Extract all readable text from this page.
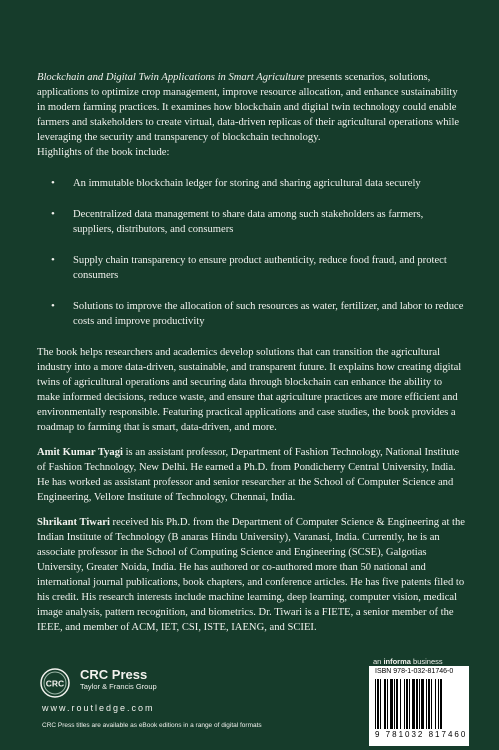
Blockchain and Digital Twin Applications in Smart Agriculture presents scenarios, solutions, applications to optimize crop management, improve resource allocation, and enhance sustainability in modern farming practices. It examines how blockchain and digital twin technology could enable farmers and stakeholders to create virtual, data-driven replicas of their agricultural operations while leveraging the security and transparency of blockchain technology.

Highlights of the book include:

• An immutable blockchain ledger for storing and sharing agricultural data securely
• Decentralized data management to share data among such stakeholders as farmers, suppliers, distributors, and consumers
• Supply chain transparency to ensure product authenticity, reduce food fraud, and protect consumers
• Solutions to improve the allocation of such resources as water, fertilizer, and labor to reduce costs and improve productivity

The book helps researchers and academics develop solutions that can transition the agricultural industry into a more data-driven, sustainable, and transparent future. It explains how creating digital twins of agricultural operations and securing data through blockchain can enhance the ability to make informed decisions, reduce waste, and ensure that agriculture practices are more efficient and environmentally responsible. Featuring practical applications and case studies, the book provides a roadmap to farming that is smart, data-driven, and more.

Amit Kumar Tyagi is an assistant professor, Department of Fashion Technology, National Institute of Fashion Technology, New Delhi. He earned a Ph.D. from Pondicherry Central University, India. He has worked as assistant professor and senior researcher at the School of Computer Science and Engineering, Vellore Institute of Technology, Chennai, India.

Shrikant Tiwari received his Ph.D. from the Department of Computer Science & Engineering at the Indian Institute of Technology (B anaras Hindu University), Varanasi, India. Currently, he is an associate professor in the School of Computing Science and Engineering (SCSE), Galgotias University, Greater Noida, India. He has authored or co-authored more than 50 national and international journal publications, book chapters, and conference articles. He has five patents filed to his credit. His research interests include machine learning, deep learning, computer vision, medical image analysis, pattern recognition, and biometrics. Dr. Tiwari is a FIETE, a senior member of the IEEE, and member of ACM, IET, CSI, ISTE, IAENG, and SCIEI.

CRC
CRC Press
Taylor & Francis Group
www.routledge.com
CRC Press titles are available as eBook editions in a range of digital formats
an informa business
ISBN 978-1-032-81746-0
9 781032 817460
